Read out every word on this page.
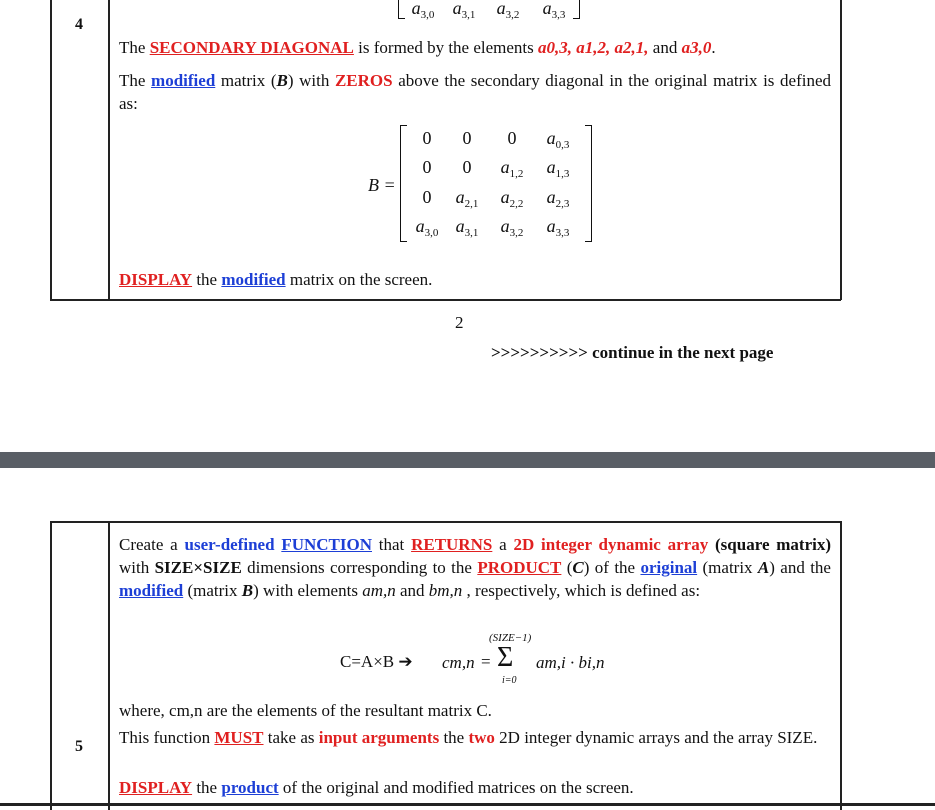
4
$a_{3,0}$	$a_{3,1}$	$a_{3,2}$	$a_{3,3}$
The SECONDARY DIAGONAL is formed by the elements a0,3, a1,2, a2,1, and a3,0.
The modified matrix (B) with ZEROS above the secondary diagonal in the original matrix is defined as:
B =
0	0	0	$a_{0,3}$
0	0	$a_{1,2}$	$a_{1,3}$
0	$a_{2,1}$	$a_{2,2}$	$a_{2,3}$
$a_{3,0}$ $a_{3,1}$	$a_{3,2}$	$a_{3,3}$
DISPLAY the modified matrix on the screen.
2
>>>>>>>>>> continue in the next page
5
Create a user-defined FUNCTION that RETURNS a 2D integer dynamic array (square matrix) with SIZE×SIZE dimensions corresponding to the PRODUCT (C) of the original (matrix A) and the modified (matrix B) with elements am,n and bm,n , respectively, which is defined as:
(SIZE−1)
C=A×B ➔ cm,n = Σ
i=0
am,i · bi,n
where, cm,n are the elements of the resultant matrix C.
This function MUST take as input arguments the two 2D integer dynamic arrays and the array SIZE.
DISPLAY the product of the original and modified matrices on the screen.
